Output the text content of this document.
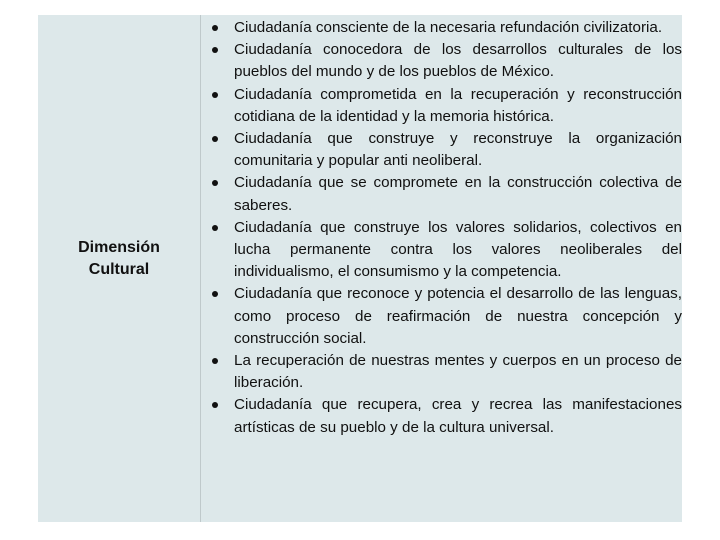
Dimensión
Cultural
Ciudadanía consciente de la necesaria refundación civilizatoria.
Ciudadanía conocedora de los desarrollos culturales de los pueblos del mundo y de los pueblos de México.
Ciudadanía comprometida en la recuperación y reconstrucción cotidiana de la identidad y la memoria histórica.
Ciudadanía que construye y reconstruye la organización comunitaria y popular anti neoliberal.
Ciudadanía que se compromete en la construcción colectiva de saberes.
Ciudadanía que construye los valores solidarios, colectivos en lucha permanente contra los valores neoliberales del individualismo, el consumismo y la competencia.
Ciudadanía que reconoce y potencia el desarrollo de las lenguas, como proceso de reafirmación de nuestra concepción y construcción social.
La recuperación de nuestras mentes y cuerpos en un proceso de liberación.
Ciudadanía que recupera, crea y recrea las manifestaciones artísticas de su pueblo y de la cultura universal.
